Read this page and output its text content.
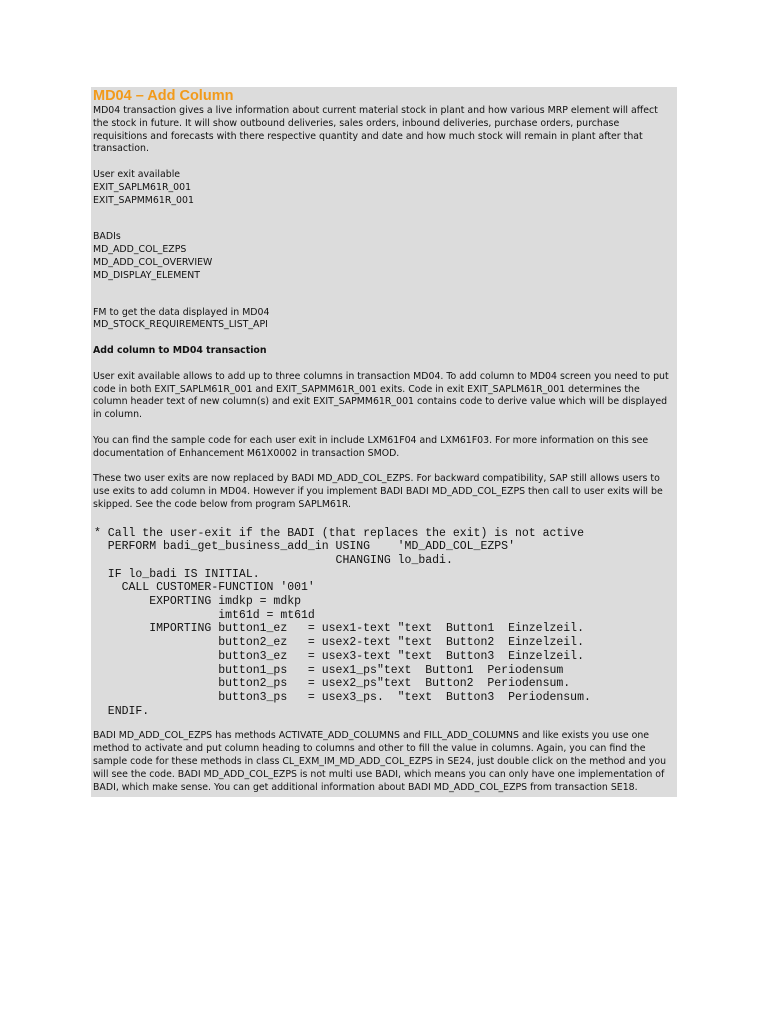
MD04 – Add Column

MD04 transaction gives a live information about current material stock in plant and how various MRP element will affect the stock in future. It will show outbound deliveries, sales orders, inbound deliveries, purchase orders, purchase requisitions and forecasts with there respective quantity and date and how much stock will remain in plant after that transaction.

User exit available
EXIT_SAPLM61R_001
EXIT_SAPMM61R_001
BADIs
MD_ADD_COL_EZPS
MD_ADD_COL_OVERVIEW
MD_DISPLAY_ELEMENT
FM to get the data displayed in MD04
MD_STOCK_REQUIREMENTS_LIST_API

Add column to MD04 transaction

User exit available allows to add up to three columns in transaction MD04. To add column to MD04 screen you need to put code in both EXIT_SAPLM61R_001 and EXIT_SAPMM61R_001 exits. Code in exit EXIT_SAPLM61R_001 determines the column header text of new column(s) and exit EXIT_SAPMM61R_001 contains code to derive value which will be displayed in column.

You can find the sample code for each user exit in include LXM61F04 and LXM61F03. For more information on this see documentation of Enhancement M61X0002 in transaction SMOD.

These two user exits are now replaced by BADI MD_ADD_COL_EZPS. For backward compatibility, SAP still allows users to use exits to add column in MD04. However if you implement BADI BADI MD_ADD_COL_EZPS then call to user exits will be skipped. See the code below from program SAPLM61R.

* Call the user-exit if the BADI (that replaces the exit) is not active
PERFORM badi_get_business_add_in USING    'MD_ADD_COL_EZPS'
CHANGING lo_badi.
IF lo_badi IS INITIAL.
CALL CUSTOMER-FUNCTION '001'
EXPORTING imdkp = mdkp
imt61d = mt61d
IMPORTING button1_ez   = usex1-text "text  Button1  Einzelzeil.
button2_ez   = usex2-text "text  Button2  Einzelzeil.
button3_ez   = usex3-text "text  Button3  Einzelzeil.
button1_ps   = usex1_ps"text  Button1  Periodensum
button2_ps   = usex2_ps"text  Button2  Periodensum.
button3_ps   = usex3_ps.  "text  Button3  Periodensum.
ENDIF.

BADI MD_ADD_COL_EZPS has methods ACTIVATE_ADD_COLUMNS and FILL_ADD_COLUMNS and like exists you use one method to activate and put column heading to columns and other to fill the value in columns. Again, you can find the sample code for these methods in class CL_EXM_IM_MD_ADD_COL_EZPS in SE24, just double click on the method and you will see the code. BADI MD_ADD_COL_EZPS is not multi use BADI, which means you can only have one implementation of BADI, which make sense. You can get additional information about BADI MD_ADD_COL_EZPS from transaction SE18.
